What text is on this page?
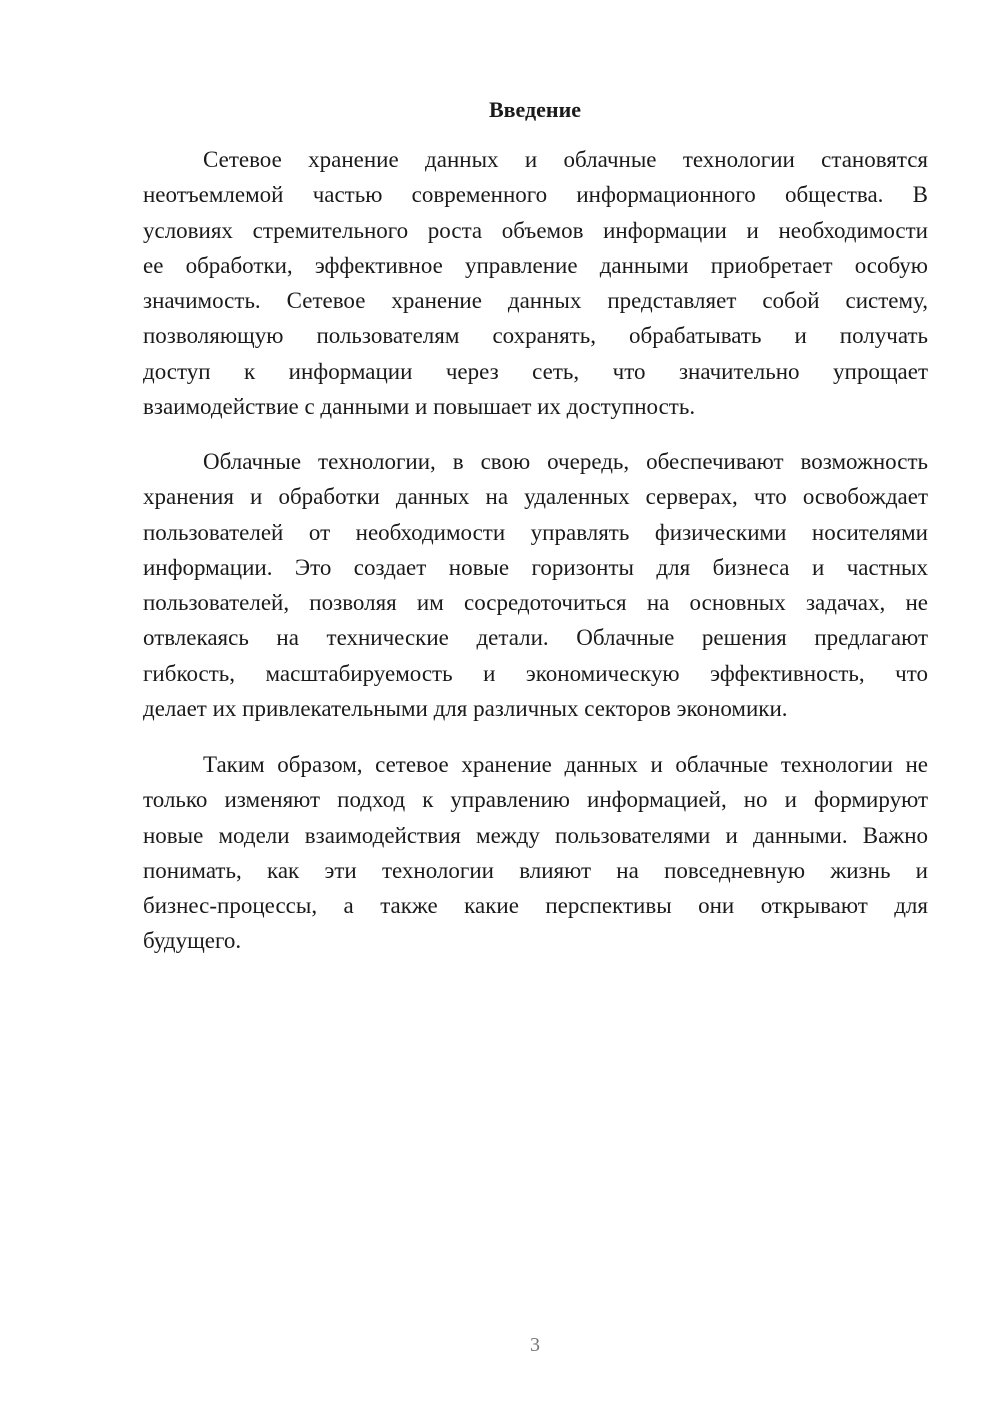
Введение
Сетевое хранение данных и облачные технологии становятся
неотъемлемой частью современного информационного общества. В
условиях стремительного роста объемов информации и необходимости
ее обработки, эффективное управление данными приобретает особую
значимость. Сетевое хранение данных представляет собой систему,
позволяющую пользователям сохранять, обрабатывать и получать
доступ к информации через сеть, что значительно упрощает
взаимодействие с данными и повышает их доступность.
Облачные технологии, в свою очередь, обеспечивают возможность
хранения и обработки данных на удаленных серверах, что освобождает
пользователей от необходимости управлять физическими носителями
информации. Это создает новые горизонты для бизнеса и частных
пользователей, позволяя им сосредоточиться на основных задачах, не
отвлекаясь на технические детали. Облачные решения предлагают
гибкость, масштабируемость и экономическую эффективность, что
делает их привлекательными для различных секторов экономики.
Таким образом, сетевое хранение данных и облачные технологии не
только изменяют подход к управлению информацией, но и формируют
новые модели взаимодействия между пользователями и данными. Важно
понимать, как эти технологии влияют на повседневную жизнь и
бизнес-процессы, а также какие перспективы они открывают для
будущего.
3
